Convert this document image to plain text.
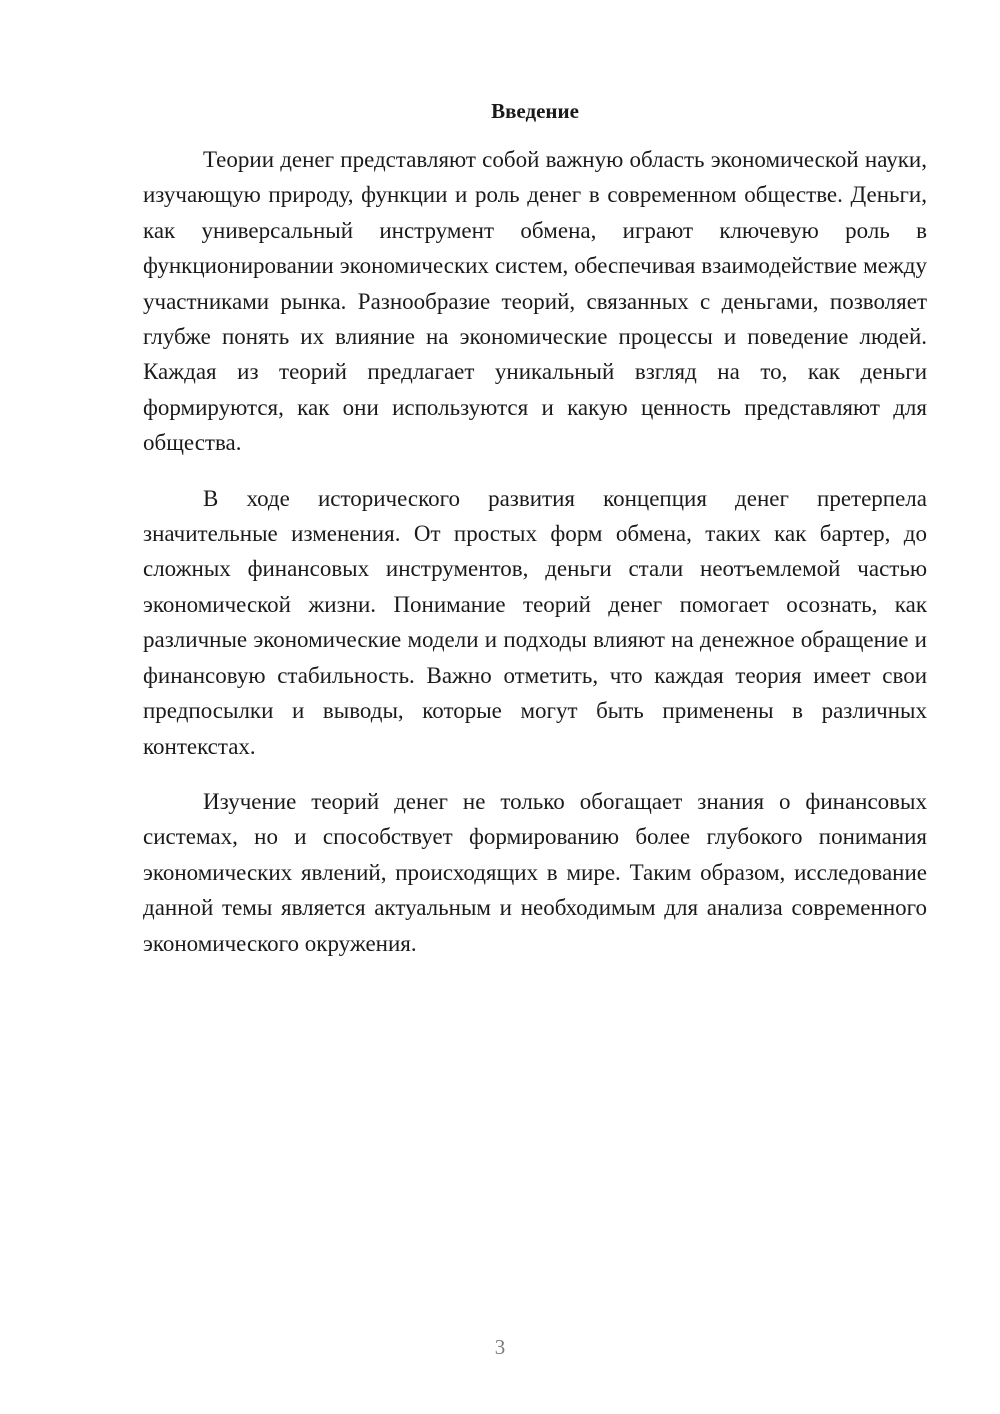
Введение

Теории денег представляют собой важную область экономической науки, изучающую природу, функции и роль денег в современном обществе. Деньги, как универсальный инструмент обмена, играют ключевую роль в функционировании экономических систем, обеспечивая взаимодействие между участниками рынка. Разнообразие теорий, связанных с деньгами, позволяет глубже понять их влияние на экономические процессы и поведение людей. Каждая из теорий предлагает уникальный взгляд на то, как деньги формируются, как они используются и какую ценность представляют для общества.

В ходе исторического развития концепция денег претерпела значительные изменения. От простых форм обмена, таких как бартер, до сложных финансовых инструментов, деньги стали неотъемлемой частью экономической жизни. Понимание теорий денег помогает осознать, как различные экономические модели и подходы влияют на денежное обращение и финансовую стабильность. Важно отметить, что каждая теория имеет свои предпосылки и выводы, которые могут быть применены в различных контекстах.

Изучение теорий денег не только обогащает знания о финансовых системах, но и способствует формированию более глубокого понимания экономических явлений, происходящих в мире. Таким образом, исследование данной темы является актуальным и необходимым для анализа современного экономического окружения.

3
